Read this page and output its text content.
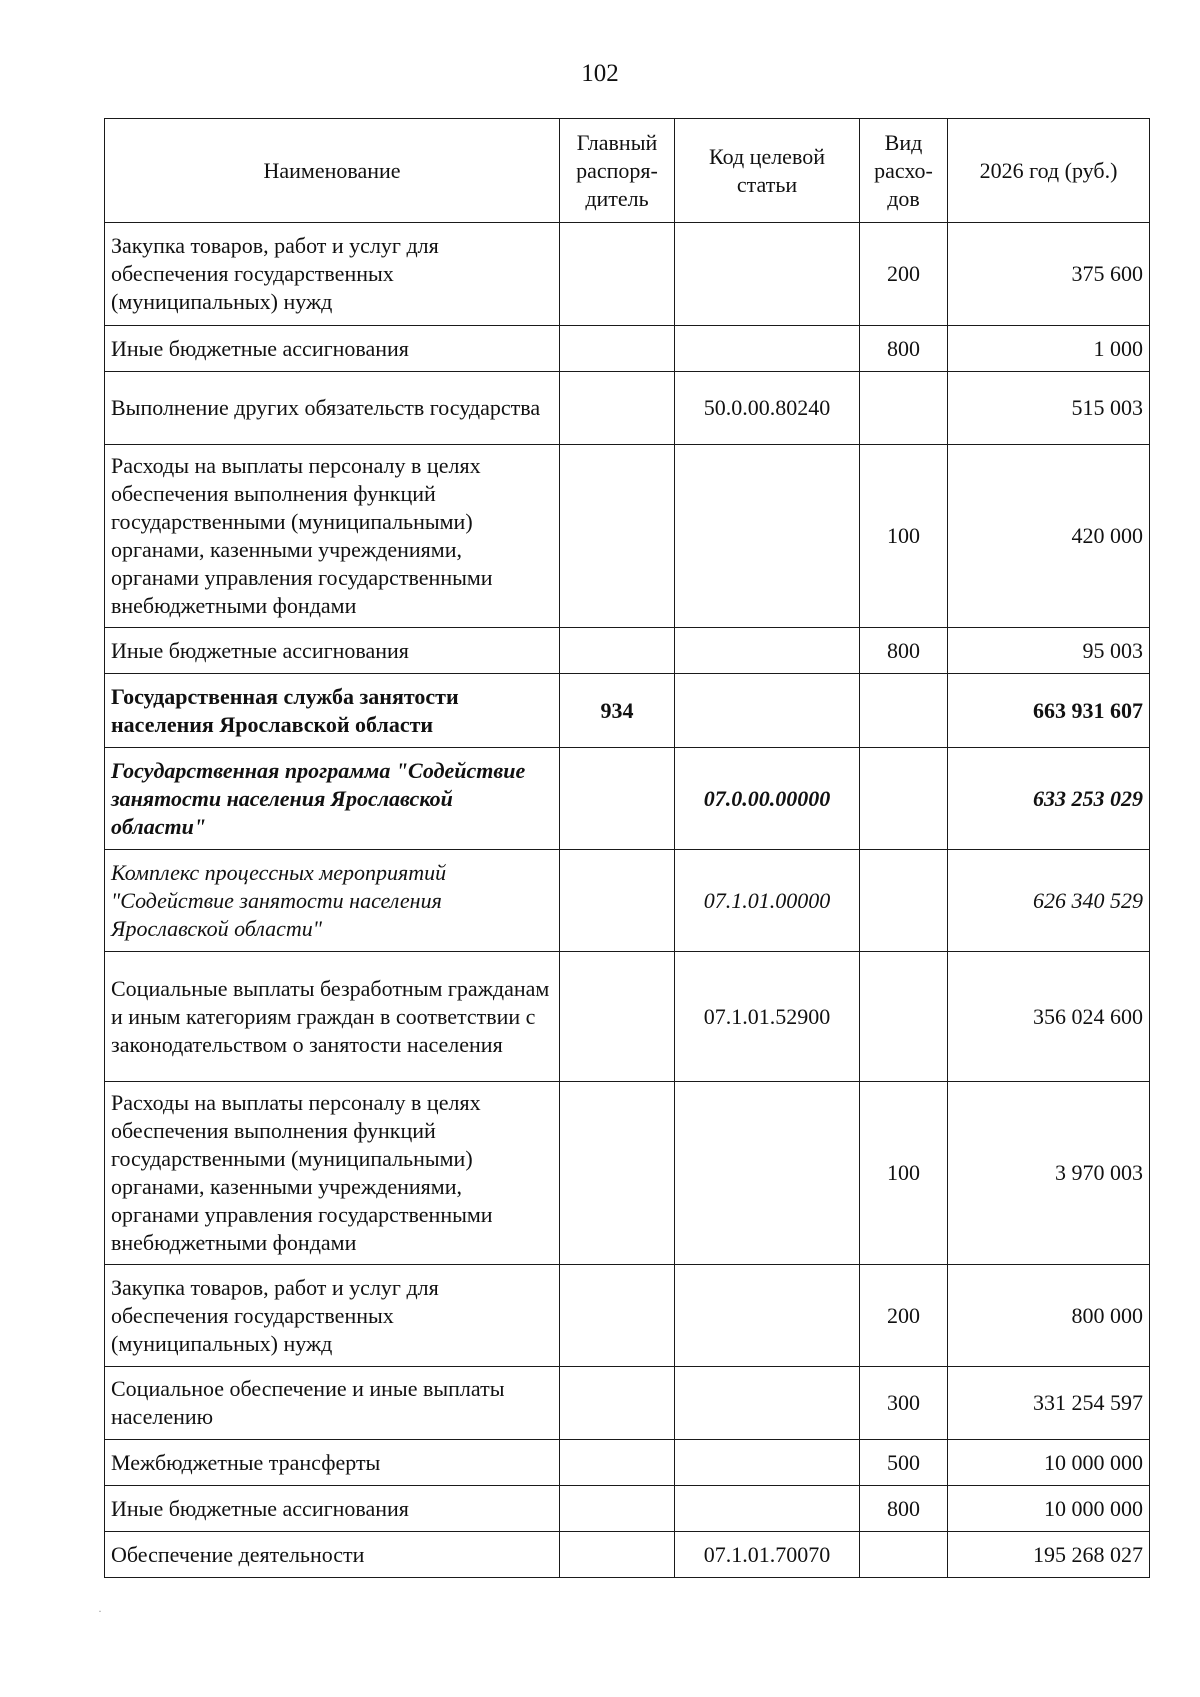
102
Наименование	Главный распоря-дитель	Код целевой статьи	Вид расхо-дов	2026 год (руб.)
Закупка товаров, работ и услуг для обеспечения государственных (муниципальных) нужд			200	375 600
Иные бюджетные ассигнования			800	1 000
Выполнение других обязательств государства		50.0.00.80240		515 003
Расходы на выплаты персоналу в целях обеспечения выполнения функций государственными (муниципальными) органами, казенными учреждениями, органами управления государственными внебюджетными фондами			100	420 000
Иные бюджетные ассигнования			800	95 003
Государственная служба занятости населения Ярославской области	934			663 931 607
Государственная программа "Содействие занятости населения Ярославской области"		07.0.00.00000		633 253 029
Комплекс процессных мероприятий "Содействие занятости населения Ярославской области"		07.1.01.00000		626 340 529
Социальные выплаты безработным гражданам и иным категориям граждан в соответствии с законодательством о занятости населения		07.1.01.52900		356 024 600
Расходы на выплаты персоналу в целях обеспечения выполнения функций государственными (муниципальными) органами, казенными учреждениями, органами управления государственными внебюджетными фондами			100	3 970 003
Закупка товаров, работ и услуг для обеспечения государственных (муниципальных) нужд			200	800 000
Социальное обеспечение и иные выплаты населению			300	331 254 597
Межбюджетные трансферты			500	10 000 000
Иные бюджетные ассигнования			800	10 000 000
Обеспечение деятельности		07.1.01.70070		195 268 027
·
